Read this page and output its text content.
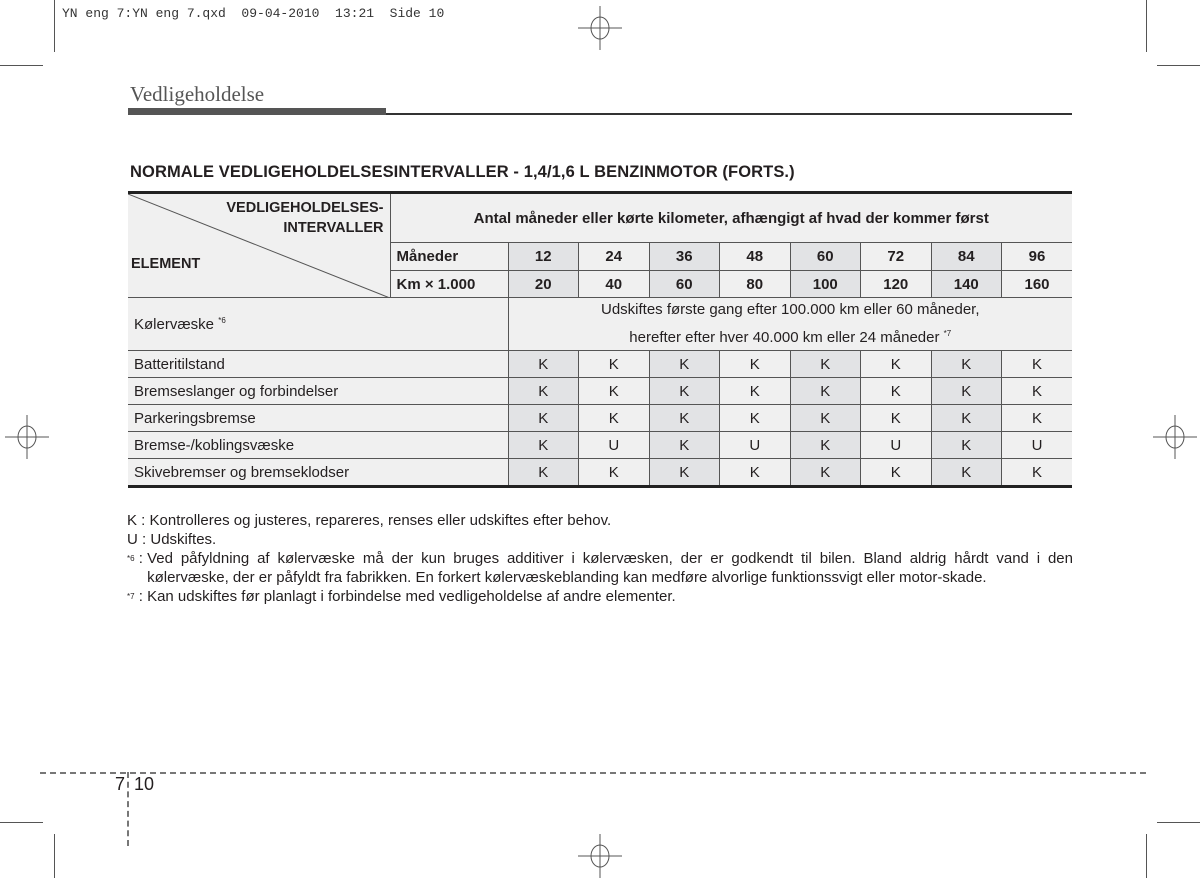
YN eng 7:YN eng 7.qxd  09-04-2010  13:21  Side 10
Vedligeholdelse
NORMALE VEDLIGEHOLDELSESINTERVALLER - 1,4/1,6 L BENZINMOTOR (FORTS.)
VEDLIGEHOLDELSES-
INTERVALLER
ELEMENT	Antal måneder eller kørte kilometer, afhængigt af hvad der kommer først								
	Måneder	12	24	36	48	60	72	84	96
	Km × 1.000	20	40	60	80	100	120	140	160
Kølervæske $^{*6}$		Udskiftes første gang efter 100.000 km eller 60 måneder,
herefter efter hver 40.000 km eller 24 måneder $^{*7}$

Batteritilstand		K	K	K	K	K	K	K	K
Bremseslanger og forbindelser		K	K	K	K	K	K	K	K
Parkeringsbremse		K	K	K	K	K	K	K	K
Bremse-/koblingsvæske		K	U	K	U	K	U	K	U
Skivebremser og bremseklodser		K	K	K	K	K	K	K	K
K : Kontrolleres og justeres, repareres, renses eller udskiftes efter behov.
U : Udskiftes.
$^{*6}$ : Ved påfyldning af kølervæske må der kun bruges additiver i kølervæsken, der er godkendt til bilen. Bland aldrig hårdt vand i den kølervæske, der er påfyldt fra fabrikken. En forkert kølervæskeblanding kan medføre alvorlige funktionssvigt eller motor-skade.
$^{*7}$ : Kan udskiftes før planlagt i forbindelse med vedligeholdelse af andre elementer.
7 10
